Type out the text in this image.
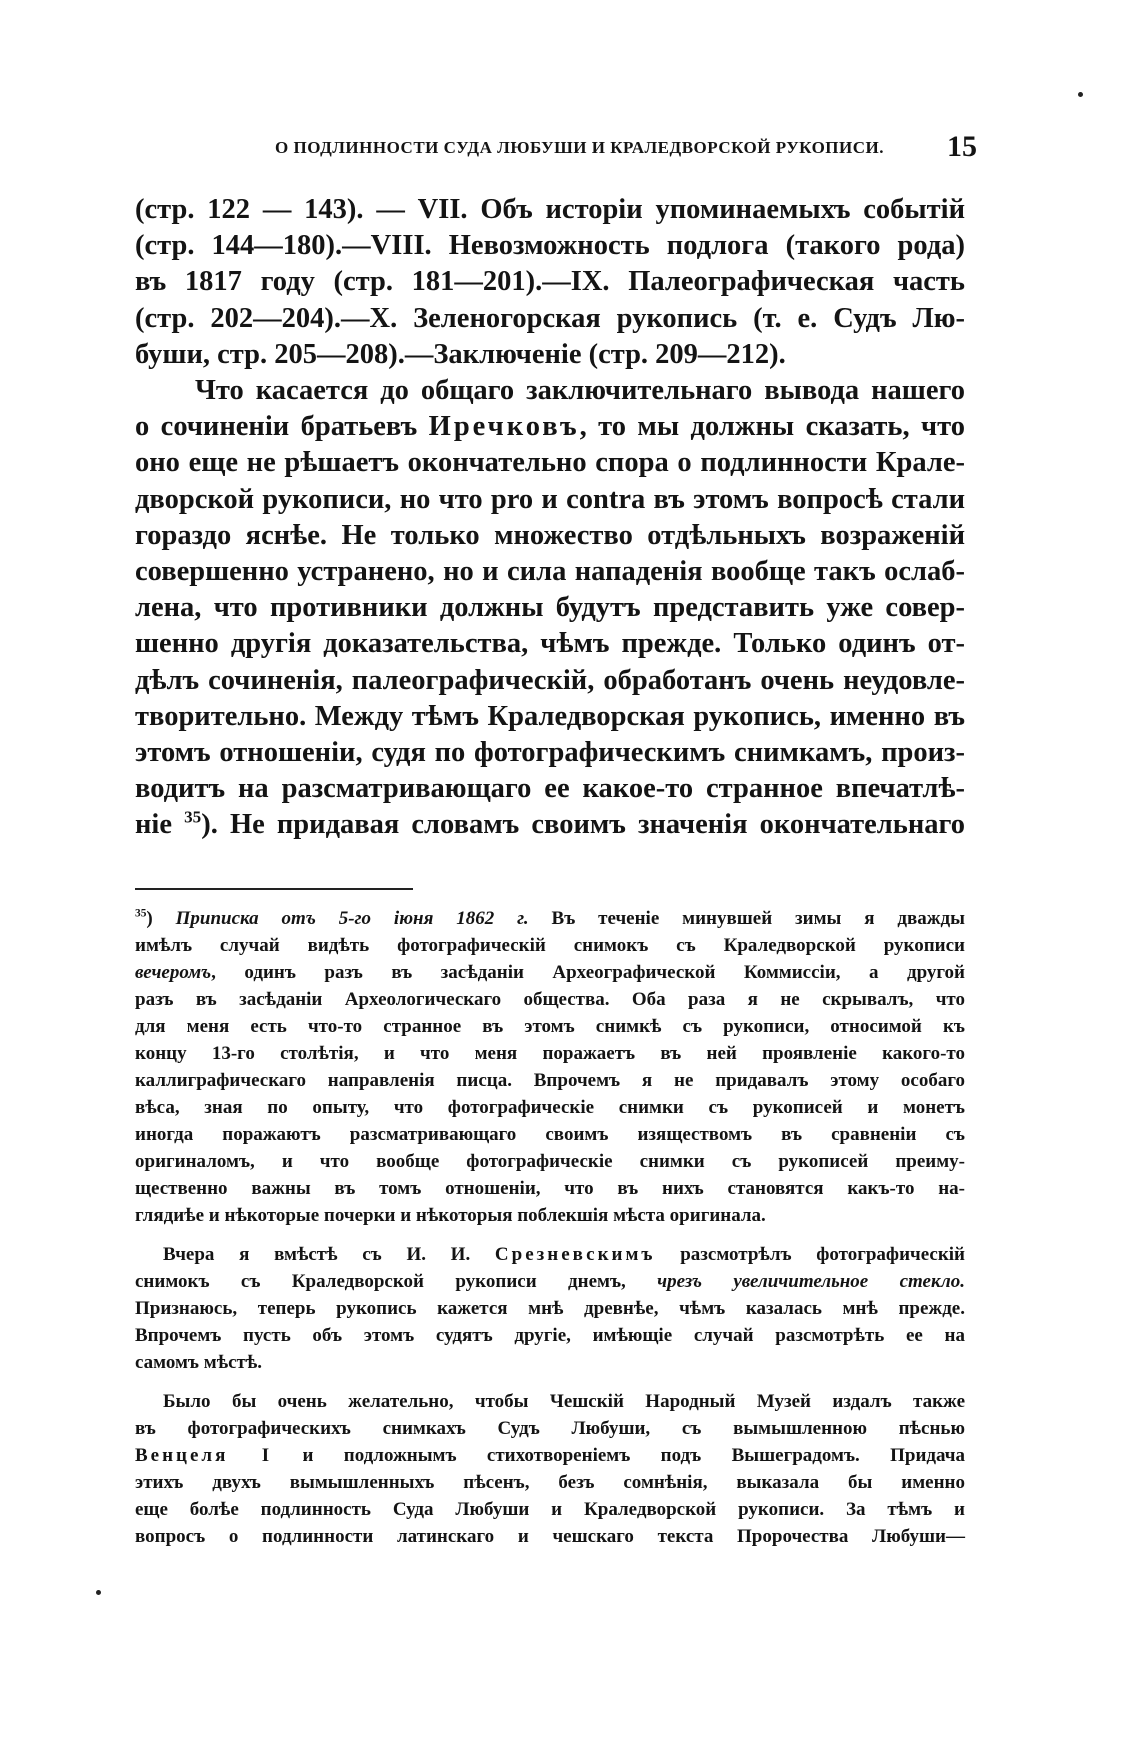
О ПОДЛИННОСТИ СУДА ЛЮБУШИ И КРАЛЕДВОРСКОЙ РУКОПИСИ. 15
(стр. 122 — 143). — VII. Объ исторіи упоминаемыхъ событій
(стр. 144—180).—VIII. Невозможность подлога (такого рода)
въ 1817 году (стр. 181—201).—IX. Палеографическая часть
(стр. 202—204).—X. Зеленогорская рукопись (т. е. Судъ Лю-
буши, стр. 205—208).—Заключеніе (стр. 209—212).
Что касается до общаго заключительнаго вывода нашего
о сочиненіи братьевъ Иречковъ, то мы должны сказать, что
оно еще не рѣшаетъ окончательно спора о подлинности Крале-
дворской рукописи, но что pro и contra въ этомъ вопросѣ стали
гораздо яснѣе. Не только множество отдѣльныхъ возраженій
совершенно устранено, но и сила нападенія вообще такъ ослаб-
лена, что противники должны будутъ представить уже совер-
шенно другія доказательства, чѣмъ прежде. Только одинъ от-
дѣлъ сочиненія, палеографическій, обработанъ очень неудовле-
творительно. Между тѣмъ Краледворская рукопись, именно въ
этомъ отношеніи, судя по фотографическимъ снимкамъ, произ-
водитъ на разсматривающаго ее какое-то странное впечатлѣ-
ніе $^{35}$). Не придавая словамъ своимъ значенія окончательнаго
$^{35}$) Приписка отъ 5-го іюня 1862 г. Въ теченіе минувшей зимы я дважды
имѣлъ случай видѣть фотографическій снимокъ съ Краледворской рукописи
вечеромъ, одинъ разъ въ засѣданіи Археографической Коммиссіи, а другой
разъ въ засѣданіи Археологическаго общества. Оба раза я не скрывалъ, что
для меня есть что-то странное въ этомъ снимкѣ съ рукописи, относимой къ
концу 13-го столѣтія, и что меня поражаетъ въ ней проявленіе какого-то
каллиграфическаго направленія писца. Впрочемъ я не придавалъ этому особаго
вѣса, зная по опыту, что фотографическіе снимки съ рукописей и монетъ
иногда поражаютъ разсматривающаго своимъ изяществомъ въ сравненіи съ
оригиналомъ, и что вообще фотографическіе снимки съ рукописей преиму-
щественно важны въ томъ отношеніи, что въ нихъ становятся какъ-то на-
глядиѣе и нѣкоторые почерки и нѣкоторыя поблекшія мѣста оригинала.
Вчера я вмѣстѣ съ И. И. Срезневскимъ разсмотрѣлъ фотографическій
снимокъ съ Краледворской рукописи днемъ, чрезъ увеличительное стекло.
Признаюсь, теперь рукопись кажется мнѣ древнѣе, чѣмъ казалась мнѣ прежде.
Впрочемъ пусть объ этомъ судятъ другіе, имѣющіе случай разсмотрѣть ее на
самомъ мѣстѣ.
Было бы очень желательно, чтобы Чешскій Народный Музей издалъ также
въ фотографическихъ снимкахъ Судъ Любуши, съ вымышленною пѣснью
Венцеля I и подложнымъ стихотвореніемъ подъ Вышеградомъ. Придача
этихъ двухъ вымышленныхъ пѣсенъ, безъ сомнѣнія, выказала бы именно
еще болѣе подлинность Суда Любуши и Краледворской рукописи. За тѣмъ и
вопросъ о подлинности латинскаго и чешскаго текста Пророчества Любуши—
